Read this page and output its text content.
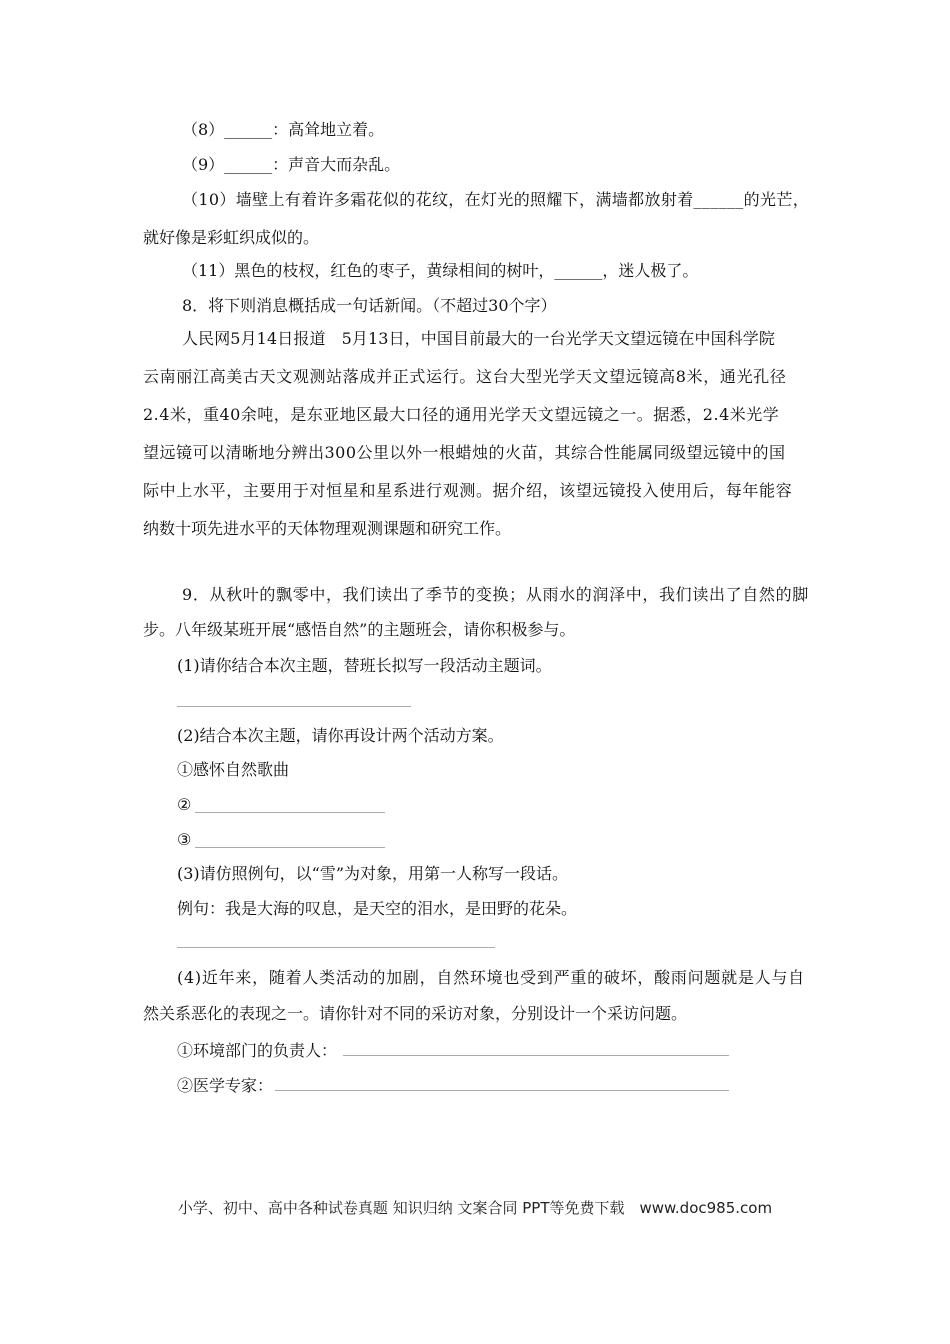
（8）______：高耸地立着。
（9）______：声音大而杂乱。
（10）墙壁上有着许多霜花似的花纹，在灯光的照耀下，满墙都放射着______的光芒，
就好像是彩虹织成似的。
（11）黑色的枝杈，红色的枣子，黄绿相间的树叶，______，迷人极了。
8．将下则消息概括成一句话新闻。（不超过30个字）
人民网5月14日报道　5月13日，中国目前最大的一台光学天文望远镜在中国科学院
云南丽江高美古天文观测站落成并正式运行。这台大型光学天文望远镜高8米，通光孔径
2.4米，重40余吨，是东亚地区最大口径的通用光学天文望远镜之一。据悉，2.4米光学
望远镜可以清晰地分辨出300公里以外一根蜡烛的火苗，其综合性能属同级望远镜中的国
际中上水平，主要用于对恒星和星系进行观测。据介绍，该望远镜投入使用后，每年能容
纳数十项先进水平的天体物理观测课题和研究工作。
9．从秋叶的飘零中，我们读出了季节的变换；从雨水的润泽中，我们读出了自然的脚
步。八年级某班开展“感悟自然”的主题班会，请你积极参与。
(1)请你结合本次主题，替班长拟写一段活动主题词。
(2)结合本次主题，请你再设计两个活动方案。
①感怀自然歌曲
②
③
(3)请仿照例句，以“雪”为对象，用第一人称写一段话。
例句：我是大海的叹息，是天空的泪水，是田野的花朵。
(4)近年来，随着人类活动的加剧，自然环境也受到严重的破坏，酸雨问题就是人与自
然关系恶化的表现之一。请你针对不同的采访对象，分别设计一个采访问题。
①环境部门的负责人：
②医学专家：
小学、初中、高中各种试卷真题 知识归纳 文案合同 PPT等免费下载　www.doc985.com
